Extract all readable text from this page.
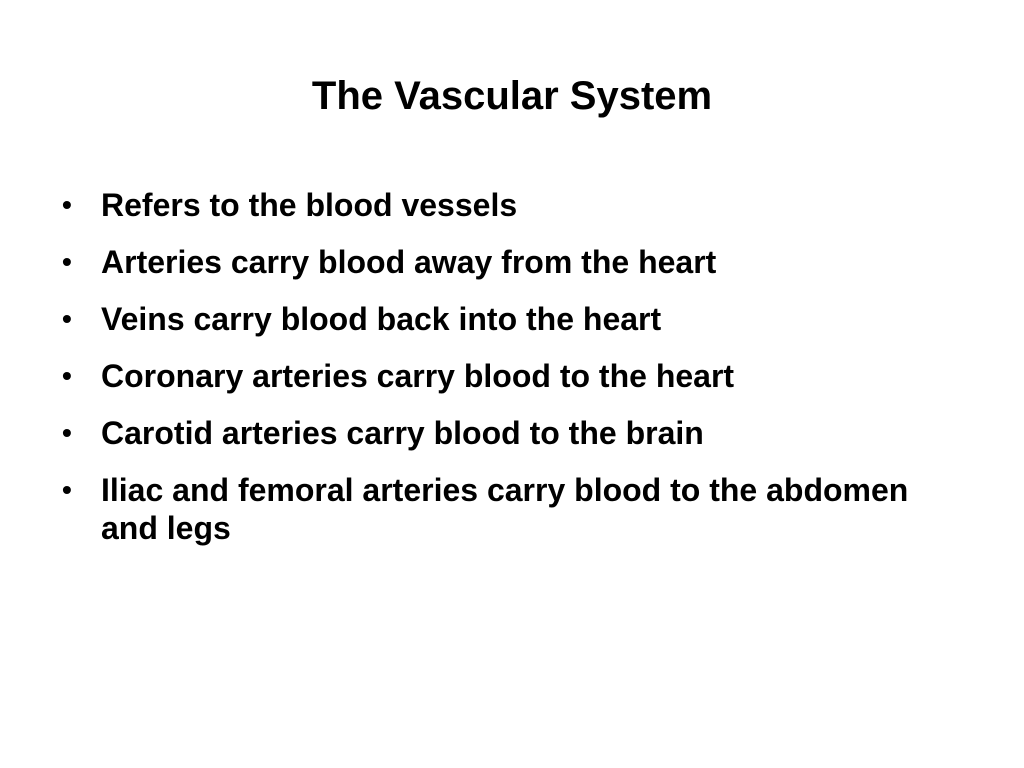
The Vascular System
• Refers to the blood vessels
• Arteries carry blood away from the heart
• Veins carry blood back into the heart
• Coronary arteries carry blood to the heart
• Carotid arteries carry blood to the brain
• Iliac and femoral arteries carry blood to the abdomen and legs
